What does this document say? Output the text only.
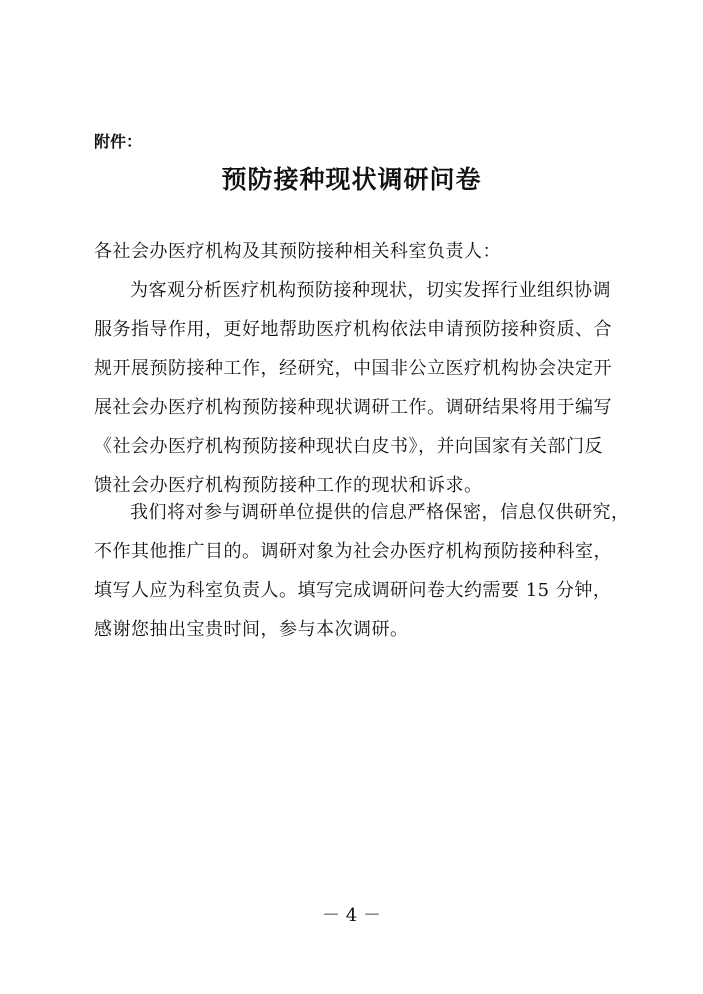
附件：
预防接种现状调研问卷
各社会办医疗机构及其预防接种相关科室负责人：
为客观分析医疗机构预防接种现状，切实发挥行业组织协调
服务指导作用，更好地帮助医疗机构依法申请预防接种资质、合
规开展预防接种工作，经研究，中国非公立医疗机构协会决定开
展社会办医疗机构预防接种现状调研工作。调研结果将用于编写
《社会办医疗机构预防接种现状白皮书》，并向国家有关部门反
馈社会办医疗机构预防接种工作的现状和诉求。
我们将对参与调研单位提供的信息严格保密，信息仅供研究，
不作其他推广目的。调研对象为社会办医疗机构预防接种科室，
填写人应为科室负责人。填写完成调研问卷大约需要 15 分钟，
感谢您抽出宝贵时间，参与本次调研。
－ 4 －
